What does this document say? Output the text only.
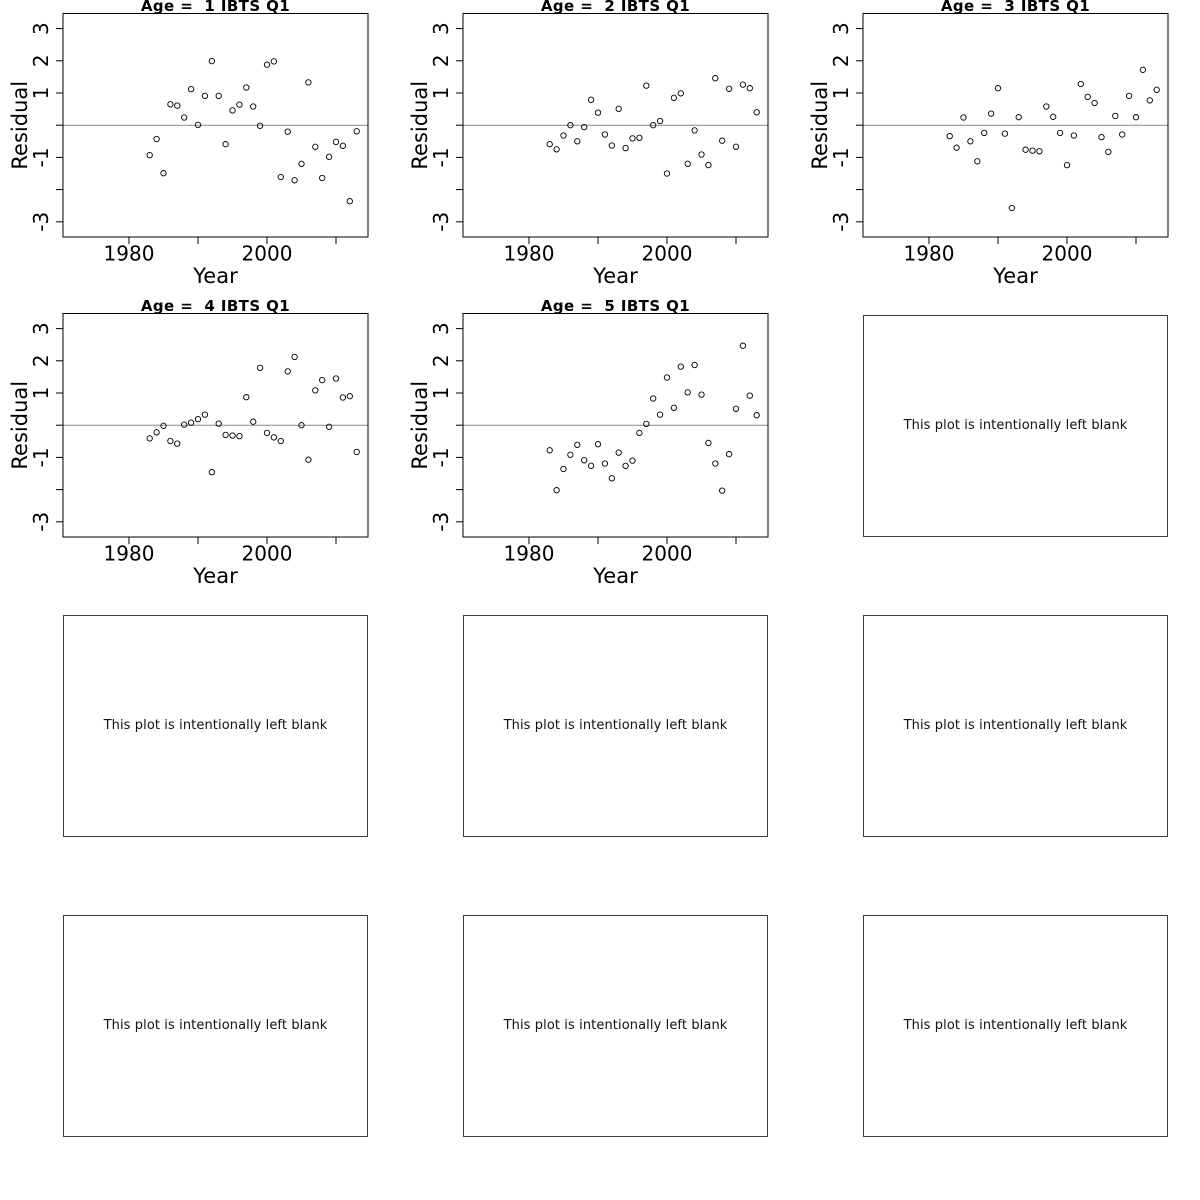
1980	2000
3
2
1
-1
-3
Year
Residual
Age =  1 IBTS Q1
1980	2000
3
2
1
-1
-3
Year
Residual
Age =  2 IBTS Q1
1980	2000
3
2
1
-1
-3
Year
Residual
Age =  3 IBTS Q1
1980	2000
3
2
1
-1
-3
Year
Residual
Age =  4 IBTS Q1
1980	2000
3
2
1
-1
-3
Year
Residual
Age =  5 IBTS Q1
This plot is intentionally left blank
This plot is intentionally left blank	This plot is intentionally left blank	This plot is intentionally left blank
This plot is intentionally left blank	This plot is intentionally left blank	This plot is intentionally left blank
